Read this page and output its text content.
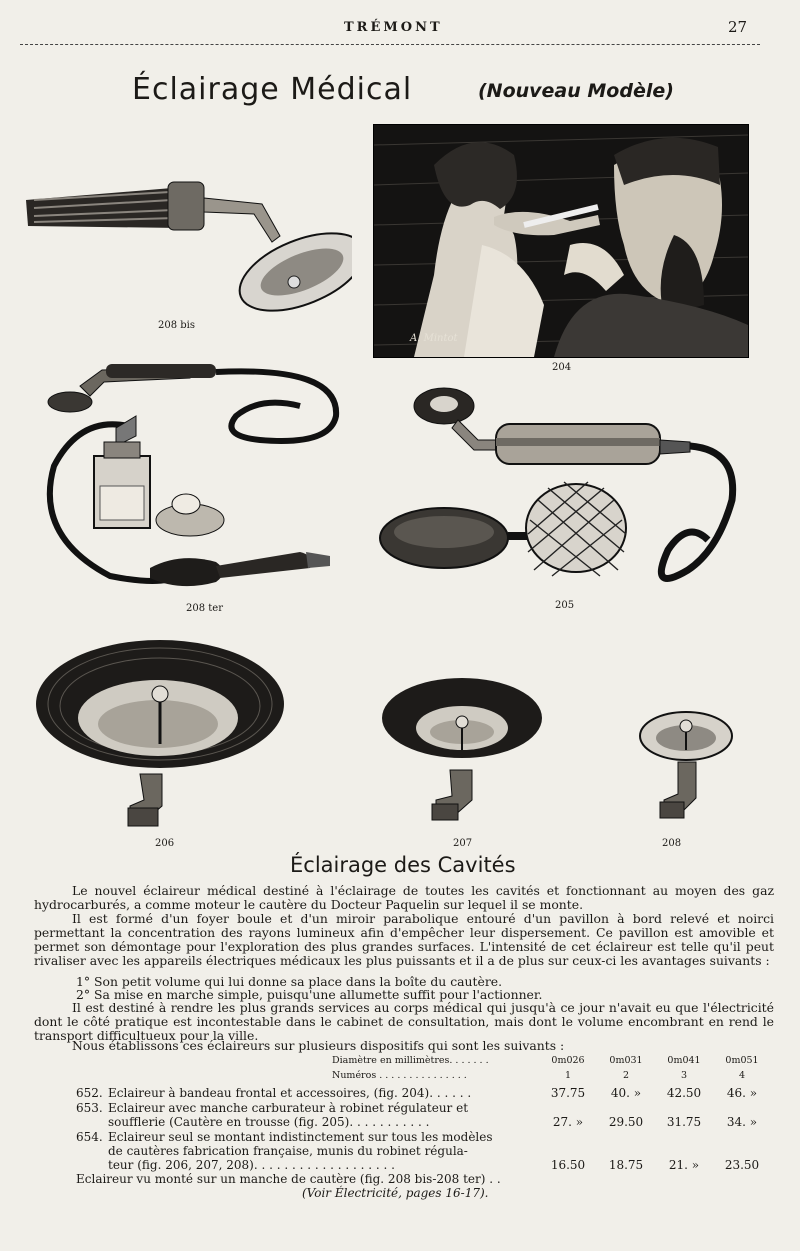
TRÉMONT	27
Éclairage Médical	(Nouveau Modèle)
208 bis
A. Mintot
204
208 ter	205
206	207	208
Éclairage des Cavités

Le nouvel éclaireur médical destiné à l'éclairage de toutes les cavités et fonctionnant au moyen des gaz hydrocarburés, a comme moteur le cautère du Docteur Paquelin sur lequel il se monte.

Il est formé d'un foyer boule et d'un miroir parabolique entouré d'un pavillon à bord relevé et noirci permettant la concentration des rayons lumineux afin d'empêcher leur dispersement. Ce pavillon est amovible et permet son démontage pour l'exploration des plus grandes surfaces. L'intensité de cet éclaireur est telle qu'il peut rivaliser avec les appareils électriques médicaux les plus puissants et il a de plus sur ceux-ci les avantages suivants :

1° Son petit volume qui lui donne sa place dans la boîte du cautère.
2° Sa mise en marche simple, puisqu'une allumette suffit pour l'actionner.

Il est destiné à rendre les plus grands services au corps médical qui jusqu'à ce jour n'avait eu que l'électricité dont le côté pratique est incontestable dans le cabinet de consultation, mais dont le volume encombrant en rend le transport difficultueux pour la ville.

Nous établissons ces éclaireurs sur plusieurs dispositifs qui sont les suivants :

Diamètre en millimètres. . . . . . .	0m026	0m031	0m041	0m051
Numéros . . . . . . . . . . . . . . .	1	2	3	4
652. Eclaireur à bandeau frontal et accessoires, (fig. 204). . . . . .	37.75	40. »	42.50	46. »
653. Eclaireur avec manche carburateur à robinet régulateur et
soufflerie (Cautère en trousse (fig. 205). . . . . . . . . . .	27. »	29.50	31.75	34. »
654. Eclaireur seul se montant indistinctement sur tous les modèles
de cautères fabrication française, munis du robinet régula-
teur (fig. 206, 207, 208). . . . . . . . . . . . . . . . . . .	16.50	18.75	21. »	23.50
Eclaireur vu monté sur un manche de cautère (fig. 208 bis-208 ter) . .
(Voir Électricité, pages 16-17).
